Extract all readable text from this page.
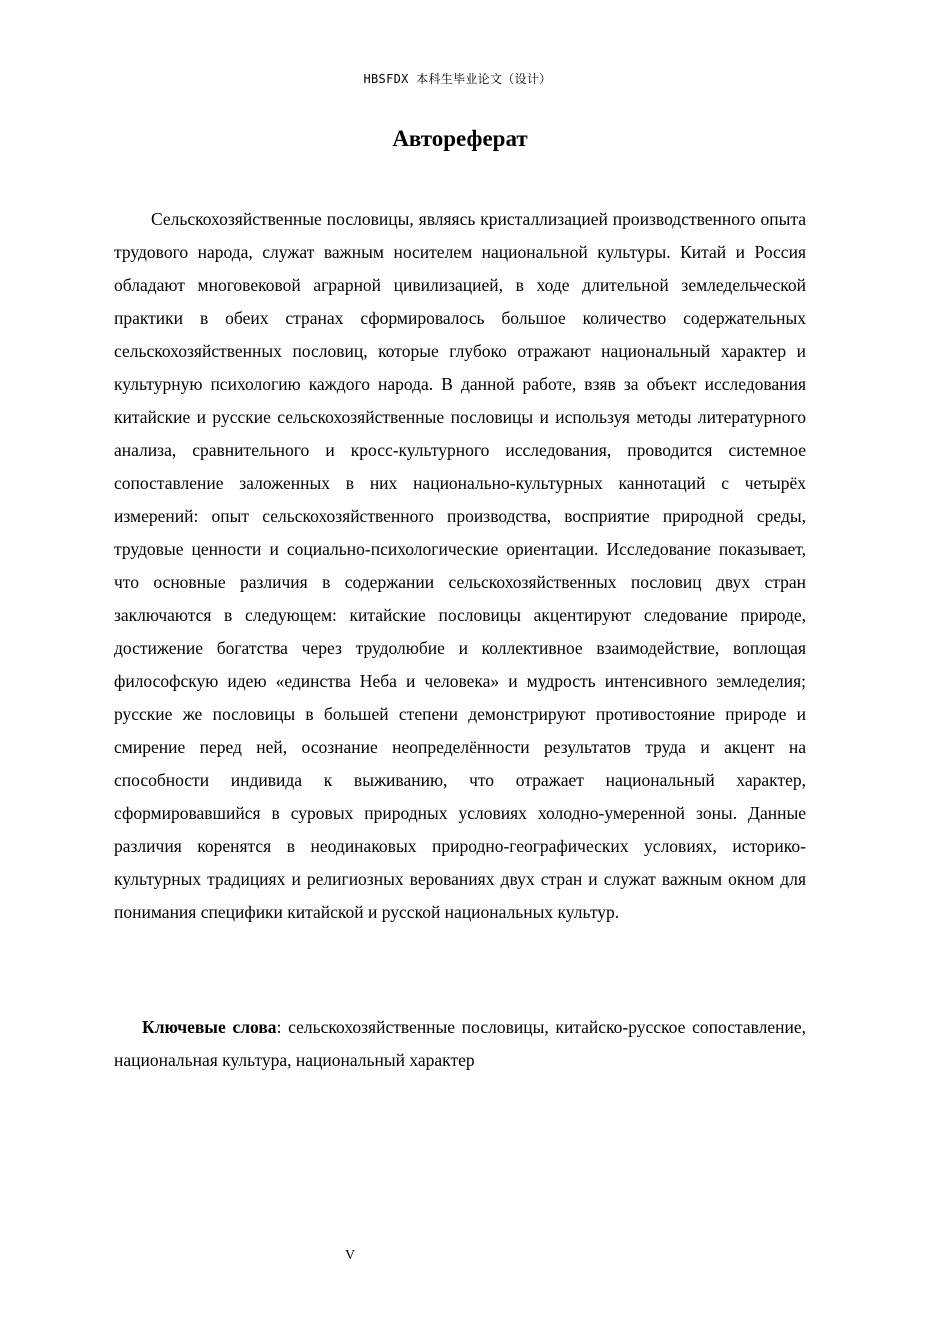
HBSFDX 本科生毕业论文（设计）
Автореферат

Сельскохозяйственные пословицы, являясь кристаллизацией производственного опыта трудового народа, служат важным носителем национальной культуры. Китай и Россия обладают многовековой аграрной цивилизацией, в ходе длительной земледельческой практики в обеих странах сформировалось большое количество содержательных сельскохозяйственных пословиц, которые глубоко отражают национальный характер и культурную психологию каждого народа. В данной работе, взяв за объект исследования китайские и русские сельскохозяйственные пословицы и используя методы литературного анализа, сравнительного и кросс-культурного исследования, проводится системное сопоставление заложенных в них национально-культурных каннотаций с четырёх измерений: опыт сельскохозяйственного производства, восприятие природной среды, трудовые ценности и социально-психологические ориентации. Исследование показывает, что основные различия в содержании сельскохозяйственных пословиц двух стран заключаются в следующем: китайские пословицы акцентируют следование природе, достижение богатства через трудолюбие и коллективное взаимодействие, воплощая философскую идею «единства Неба и человека» и мудрость интенсивного земледелия; русские же пословицы в большей степени демонстрируют противостояние природе и смирение перед ней, осознание неопределённости результатов труда и акцент на способности индивида к выживанию, что отражает национальный характер, сформировавшийся в суровых природных условиях холодно-умеренной зоны. Данные различия коренятся в неодинаковых природно-географических условиях, историко-культурных традициях и религиозных верованиях двух стран и служат важным окном для понимания специфики китайской и русской национальных культур.

Ключевые слова: сельскохозяйственные пословицы, китайско-русское сопоставление, национальная культура, национальный характер

V
